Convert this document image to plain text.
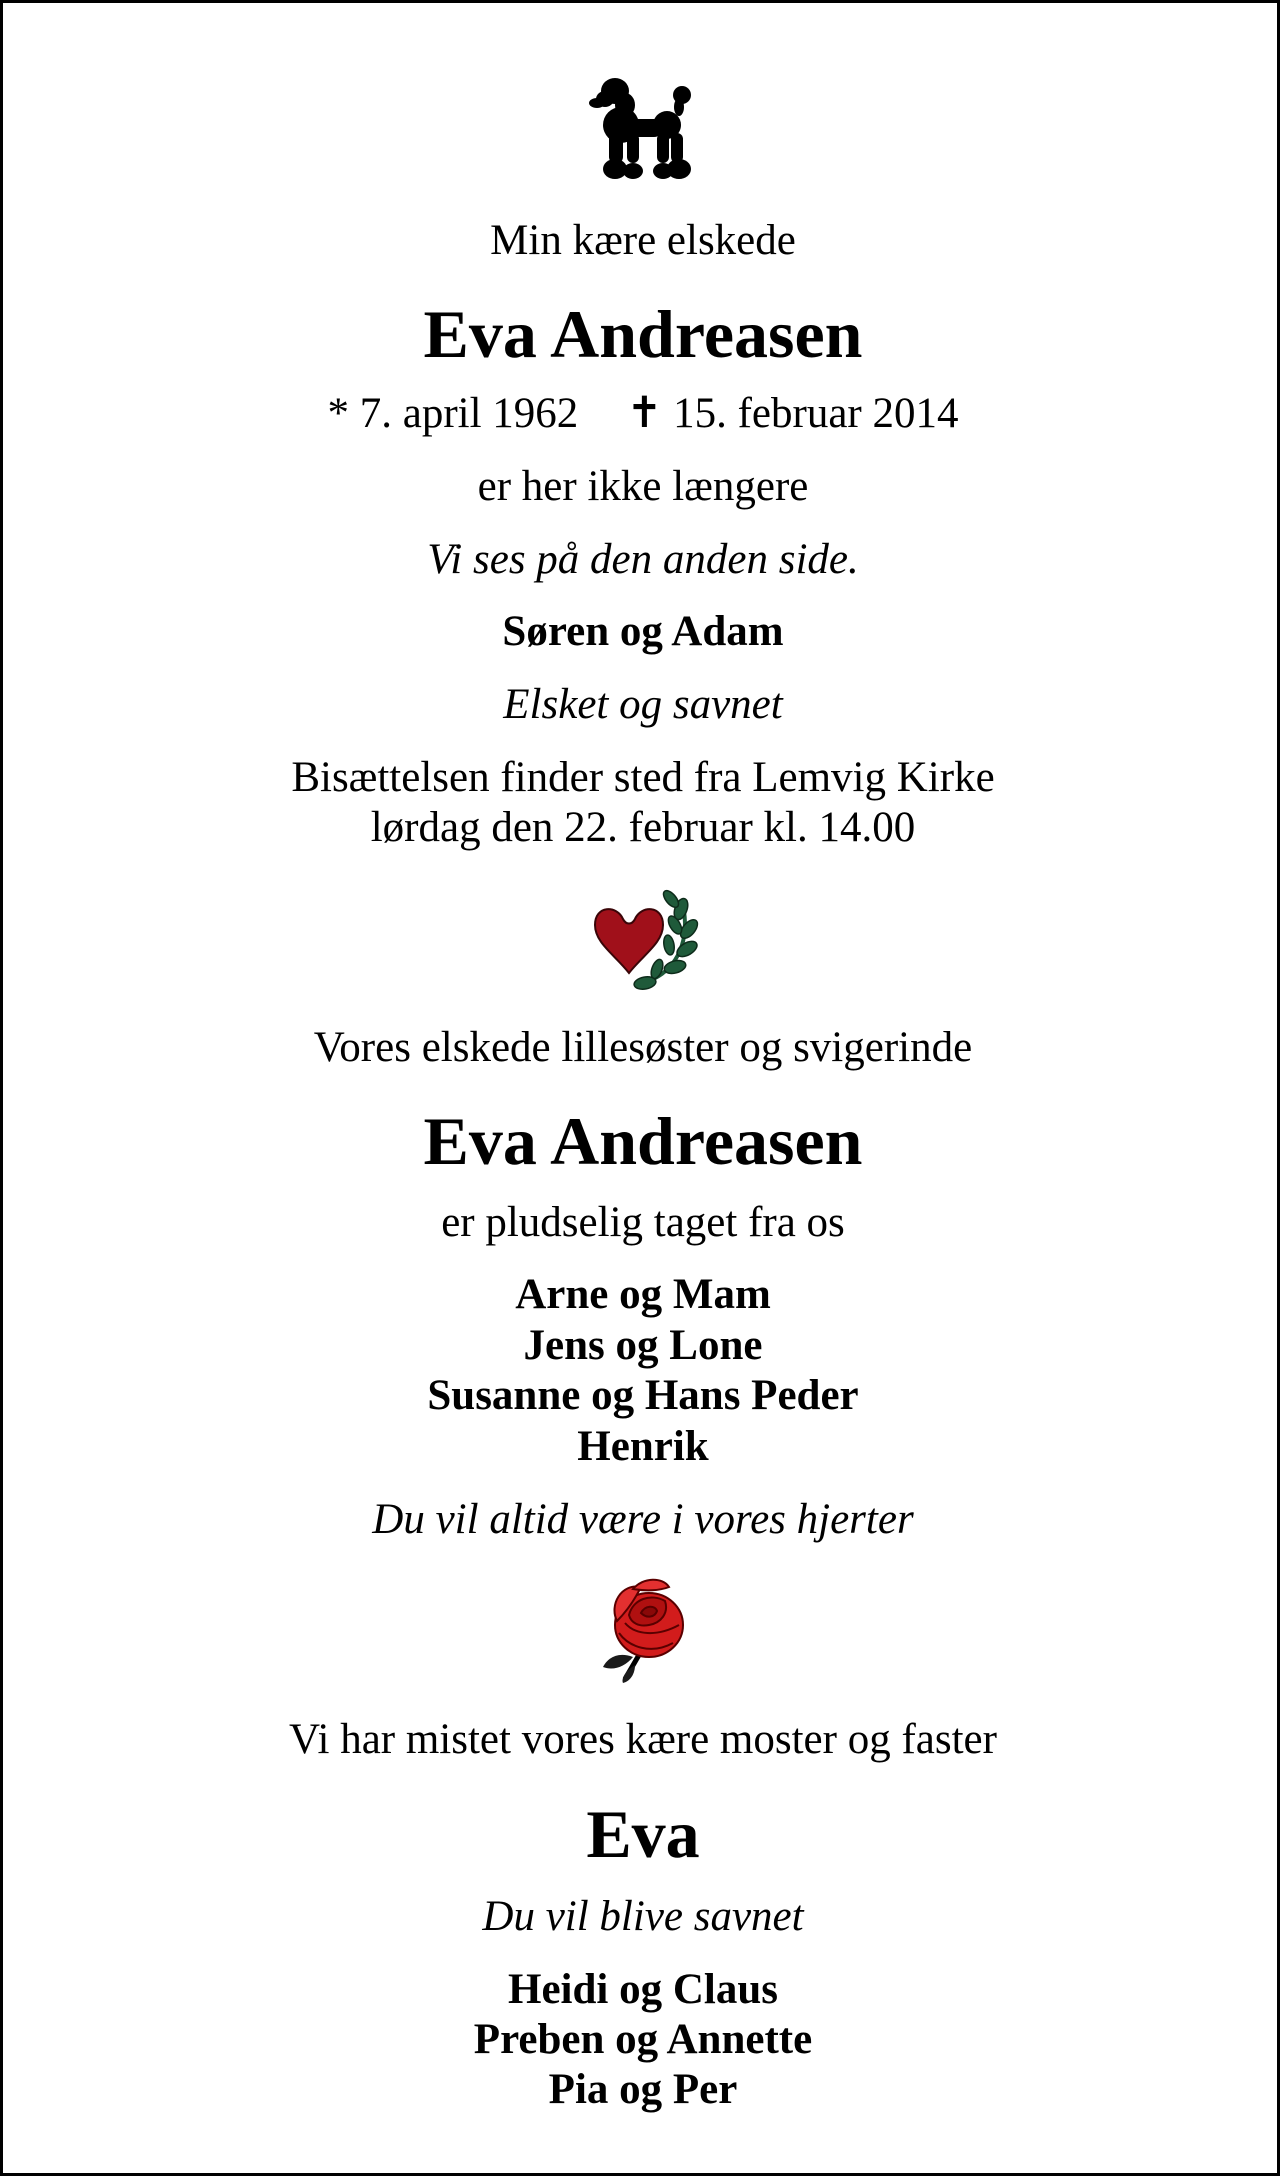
Min kære elskede
Eva Andreasen
* 7. april 1962 ✝ 15. februar 2014
er her ikke længere
Vi ses på den anden side.
Søren og Adam
Elsket og savnet
Bisættelsen finder sted fra Lemvig Kirke
lørdag den 22. februar kl. 14.00
Vores elskede lillesøster og svigerinde
Eva Andreasen
er pludselig taget fra os
Arne og Mam
Jens og Lone
Susanne og Hans Peder
Henrik
Du vil altid være i vores hjerter
Vi har mistet vores kære moster og faster
Eva
Du vil blive savnet
Heidi og Claus
Preben og Annette
Pia og Per
